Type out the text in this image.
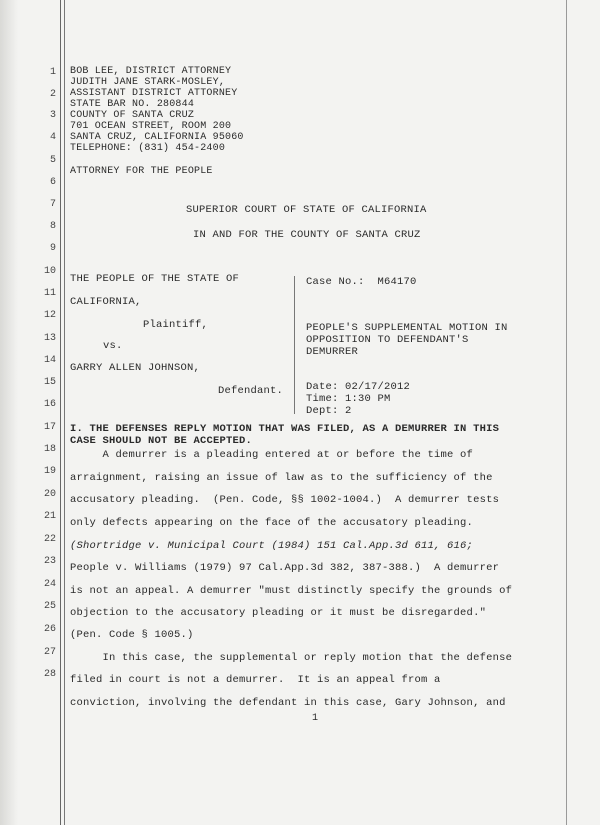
1
2
3
4
5
6
7
8
9
10
11
12
13
14
15
16
17
18
19
20
21
22
23
24
25
26
27
28
BOB LEE, DISTRICT ATTORNEY
JUDITH JANE STARK-MOSLEY,
ASSISTANT DISTRICT ATTORNEY
STATE BAR NO. 280844
COUNTY OF SANTA CRUZ
701 OCEAN STREET, ROOM 200
SANTA CRUZ, CALIFORNIA 95060
TELEPHONE: (831) 454-2400
ATTORNEY FOR THE PEOPLE
SUPERIOR COURT OF STATE OF CALIFORNIA
IN AND FOR THE COUNTY OF SANTA CRUZ
THE PEOPLE OF THE STATE OF
CALIFORNIA,
Plaintiff,
vs.
GARRY ALLEN JOHNSON,
Defendant.
Case No.:  M64170
PEOPLE'S SUPPLEMENTAL MOTION IN
OPPOSITION TO DEFENDANT'S
DEMURRER
Date: 02/17/2012
Time: 1:30 PM
Dept: 2
I. THE DEFENSES REPLY MOTION THAT WAS FILED, AS A DEMURRER IN THIS
CASE SHOULD NOT BE ACCEPTED.
A demurrer is a pleading entered at or before the time of
arraignment, raising an issue of law as to the sufficiency of the
accusatory pleading.  (Pen. Code, §§ 1002-1004.)  A demurrer tests
only defects appearing on the face of the accusatory pleading.
(Shortridge v. Municipal Court (1984) 151 Cal.App.3d 611, 616;
People v. Williams (1979) 97 Cal.App.3d 382, 387-388.)  A demurrer
is not an appeal. A demurrer "must distinctly specify the grounds of
objection to the accusatory pleading or it must be disregarded."
(Pen. Code § 1005.)
In this case, the supplemental or reply motion that the defense
filed in court is not a demurrer.  It is an appeal from a
conviction, involving the defendant in this case, Gary Johnson, and
1
